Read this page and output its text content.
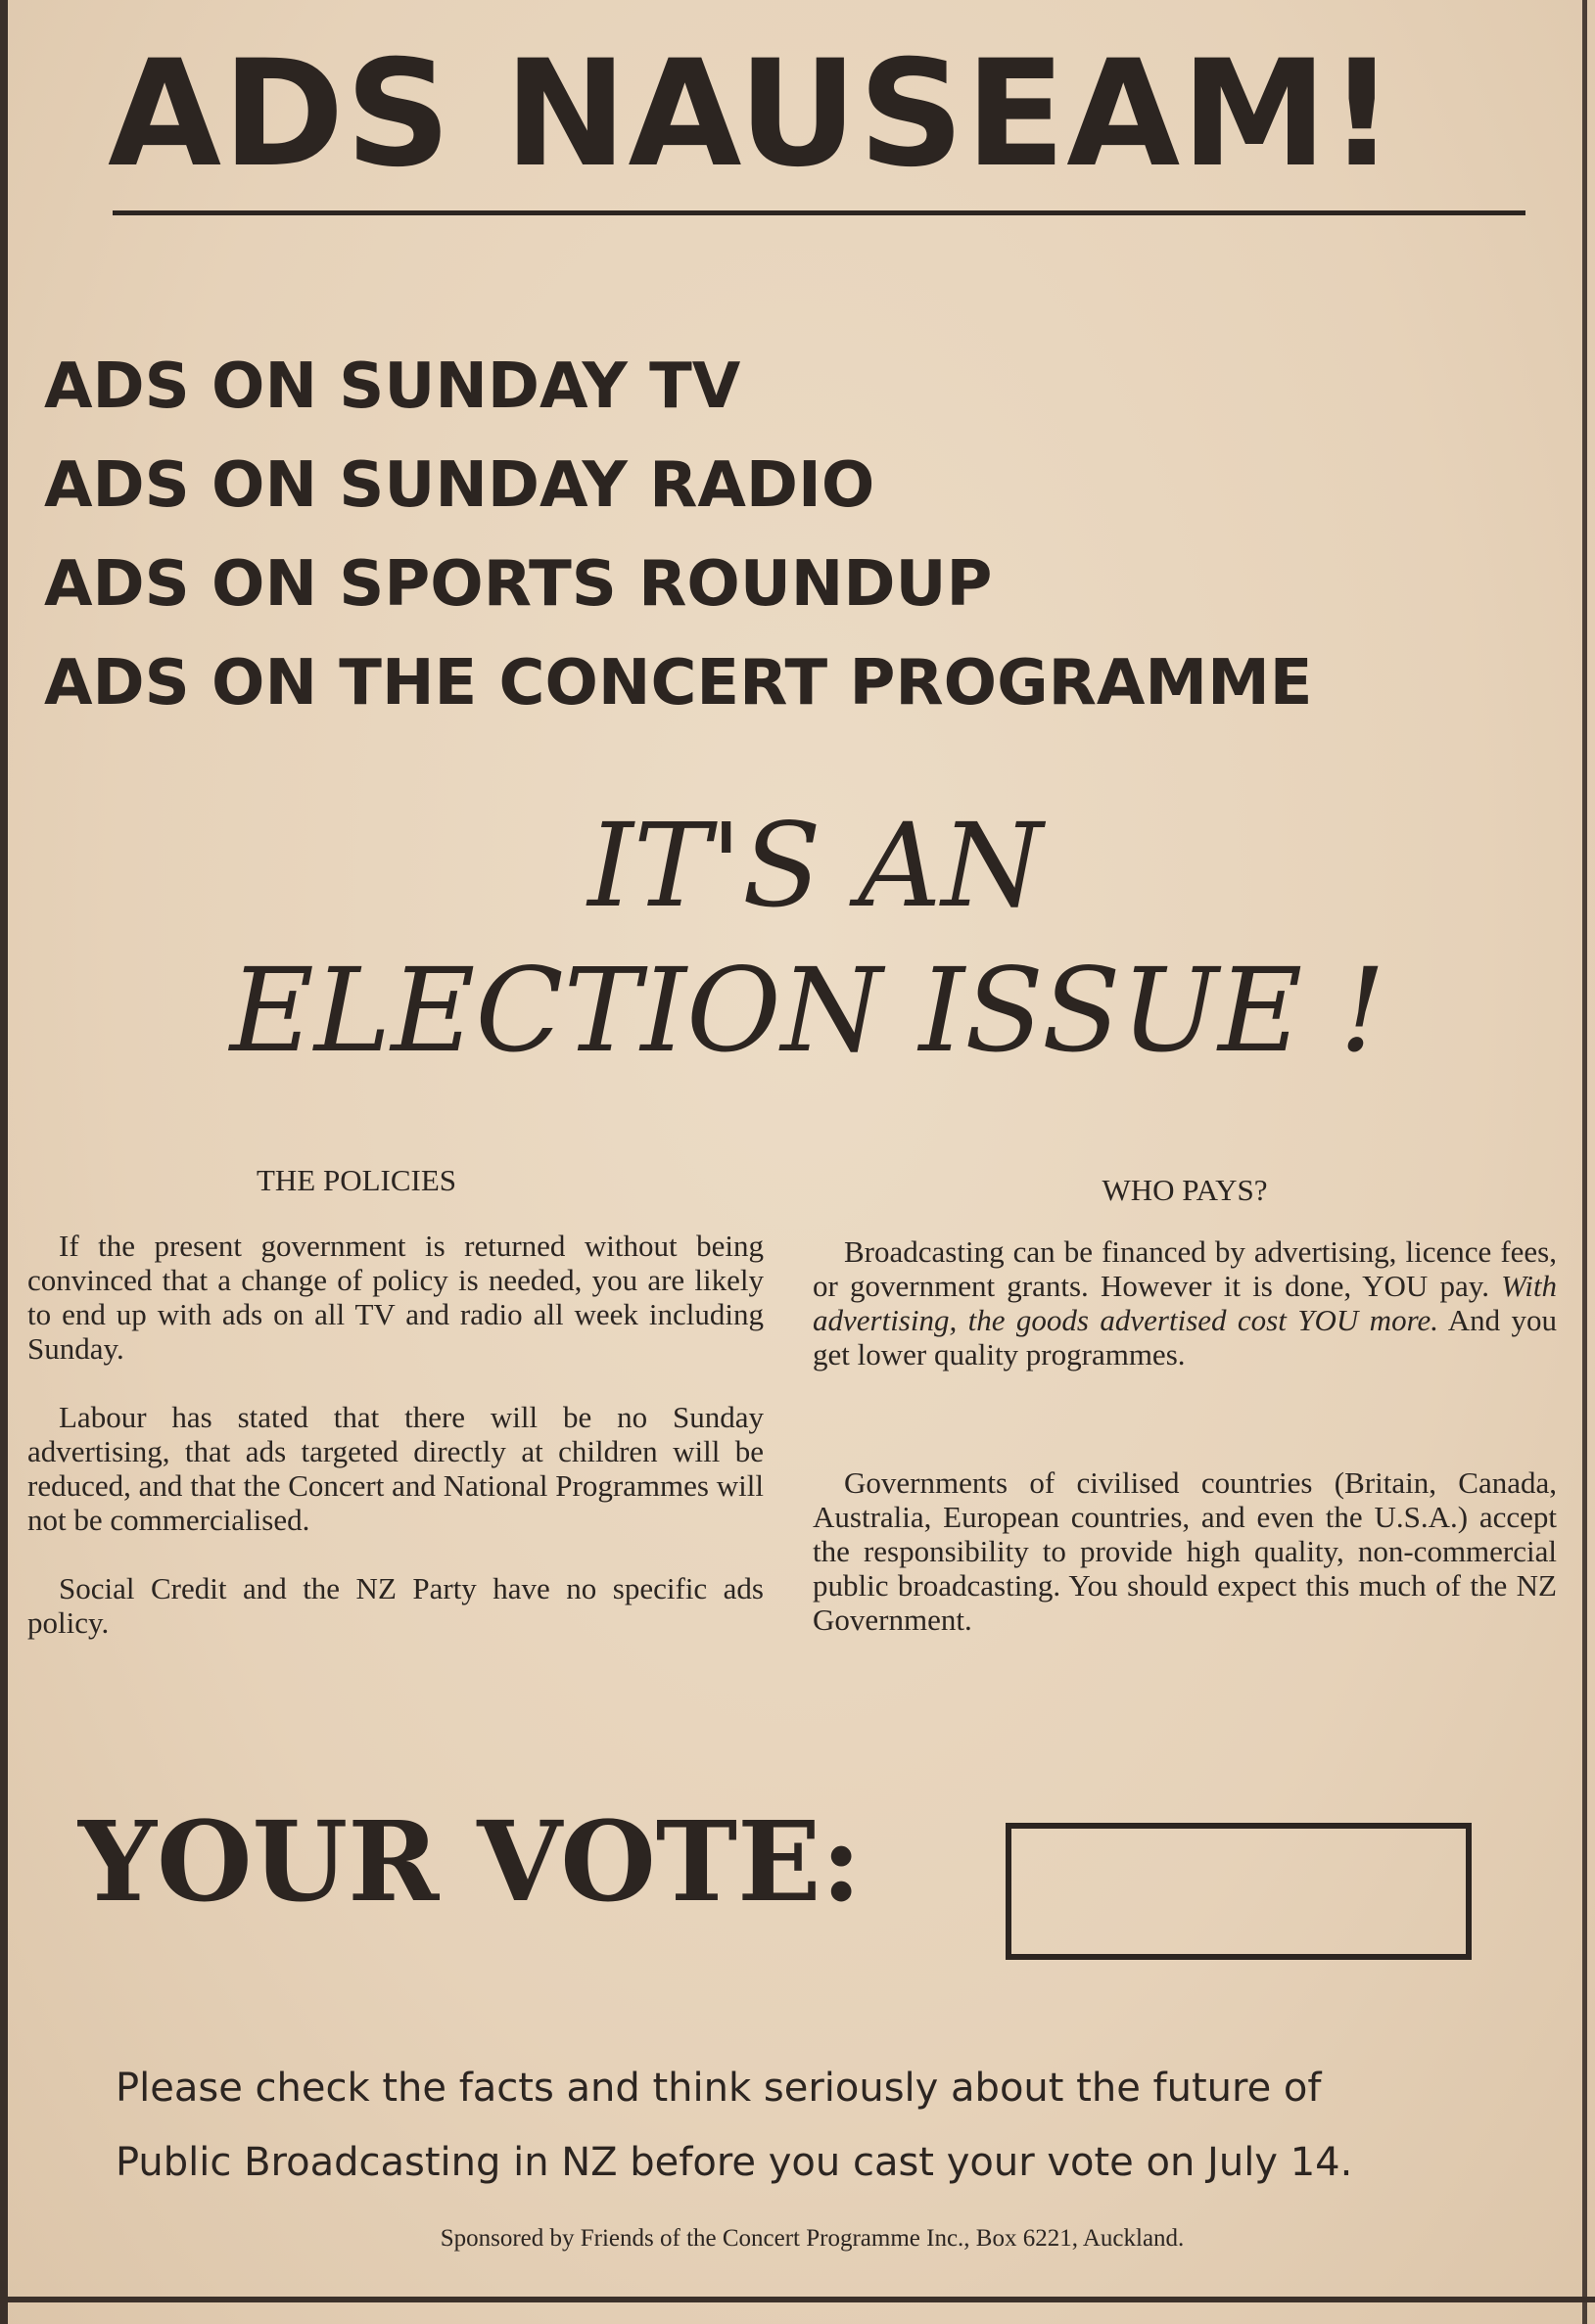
ADS NAUSEAM!
ADS ON SUNDAY TV
ADS ON SUNDAY RADIO
ADS ON SPORTS ROUNDUP
ADS ON THE CONCERT PROGRAMME
IT'S AN
ELECTION ISSUE !

THE POLICIES

If the present government is returned without being convinced that a change of policy is needed, you are likely to end up with ads on all TV and radio all week including Sunday.

Labour has stated that there will be no Sunday advertising, that ads targeted directly at children will be reduced, and that the Concert and National Programmes will not be commercialised.

Social Credit and the NZ Party have no specific ads policy.

WHO PAYS?

Broadcasting can be financed by advertising, licence fees, or government grants. However it is done, YOU pay. With advertising, the goods advertised cost YOU more. And you get lower quality programmes.

Governments of civilised countries (Britain, Canada, Australia, European countries, and even the U.S.A.) accept the responsibility to provide high quality, non-commercial public broadcasting. You should expect this much of the NZ Government.

YOUR VOTE:
Please check the facts and think seriously about the future of
Public Broadcasting in NZ before you cast your vote on July 14.
Sponsored by Friends of the Concert Programme Inc., Box 6221, Auckland.
